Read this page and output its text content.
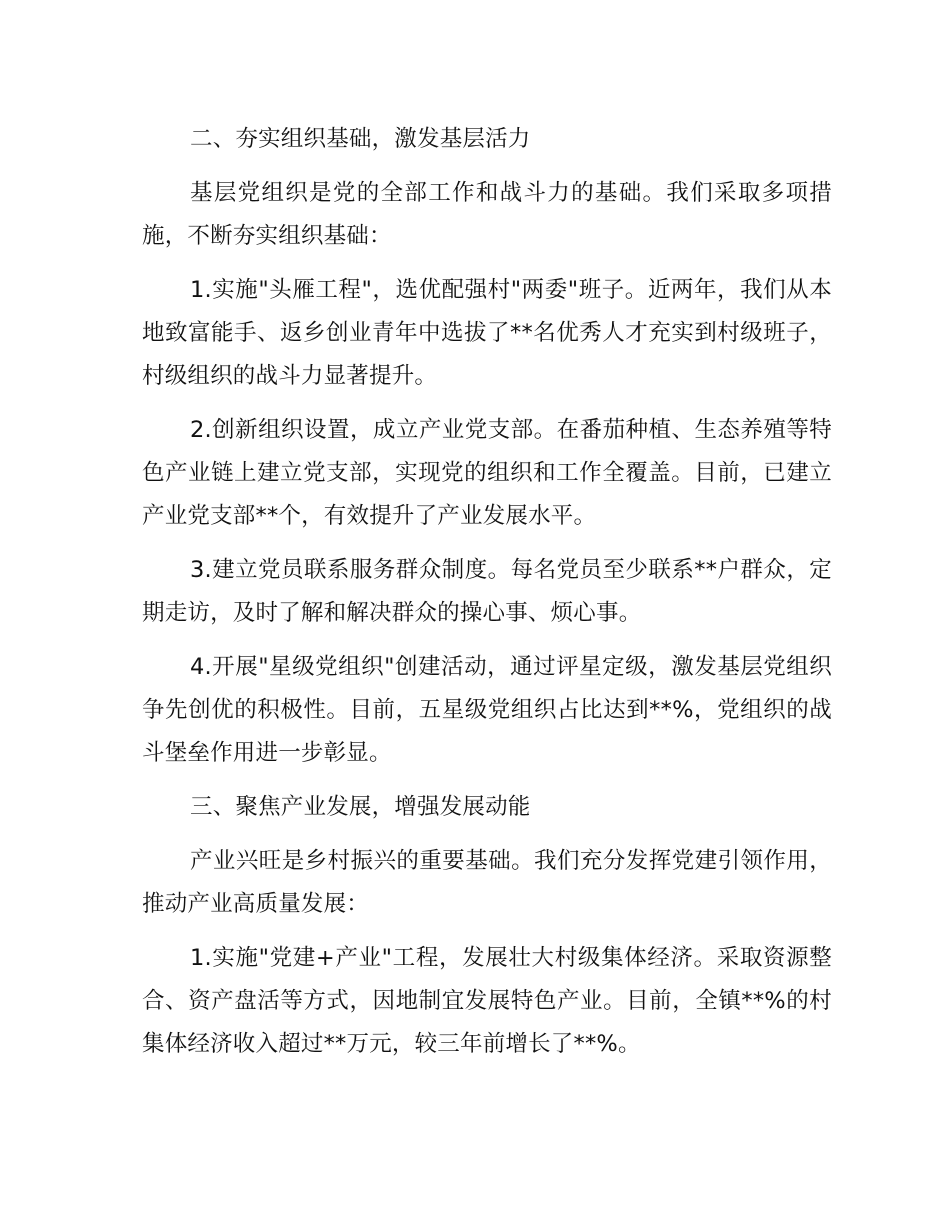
二、夯实组织基础，激发基层活力

基层党组织是党的全部工作和战斗力的基础。我们采取多项措施，不断夯实组织基础：

1.实施"头雁工程"，选优配强村"两委"班子。近两年，我们从本地致富能手、返乡创业青年中选拔了**名优秀人才充实到村级班子，村级组织的战斗力显著提升。

2.创新组织设置，成立产业党支部。在番茄种植、生态养殖等特色产业链上建立党支部，实现党的组织和工作全覆盖。目前，已建立产业党支部**个，有效提升了产业发展水平。

3.建立党员联系服务群众制度。每名党员至少联系**户群众，定期走访，及时了解和解决群众的操心事、烦心事。

4.开展"星级党组织"创建活动，通过评星定级，激发基层党组织争先创优的积极性。目前，五星级党组织占比达到**%，党组织的战斗堡垒作用进一步彰显。

三、聚焦产业发展，增强发展动能

产业兴旺是乡村振兴的重要基础。我们充分发挥党建引领作用，推动产业高质量发展：

1.实施"党建+产业"工程，发展壮大村级集体经济。采取资源整合、资产盘活等方式，因地制宜发展特色产业。目前，全镇**%的村集体经济收入超过**万元，较三年前增长了**%。
